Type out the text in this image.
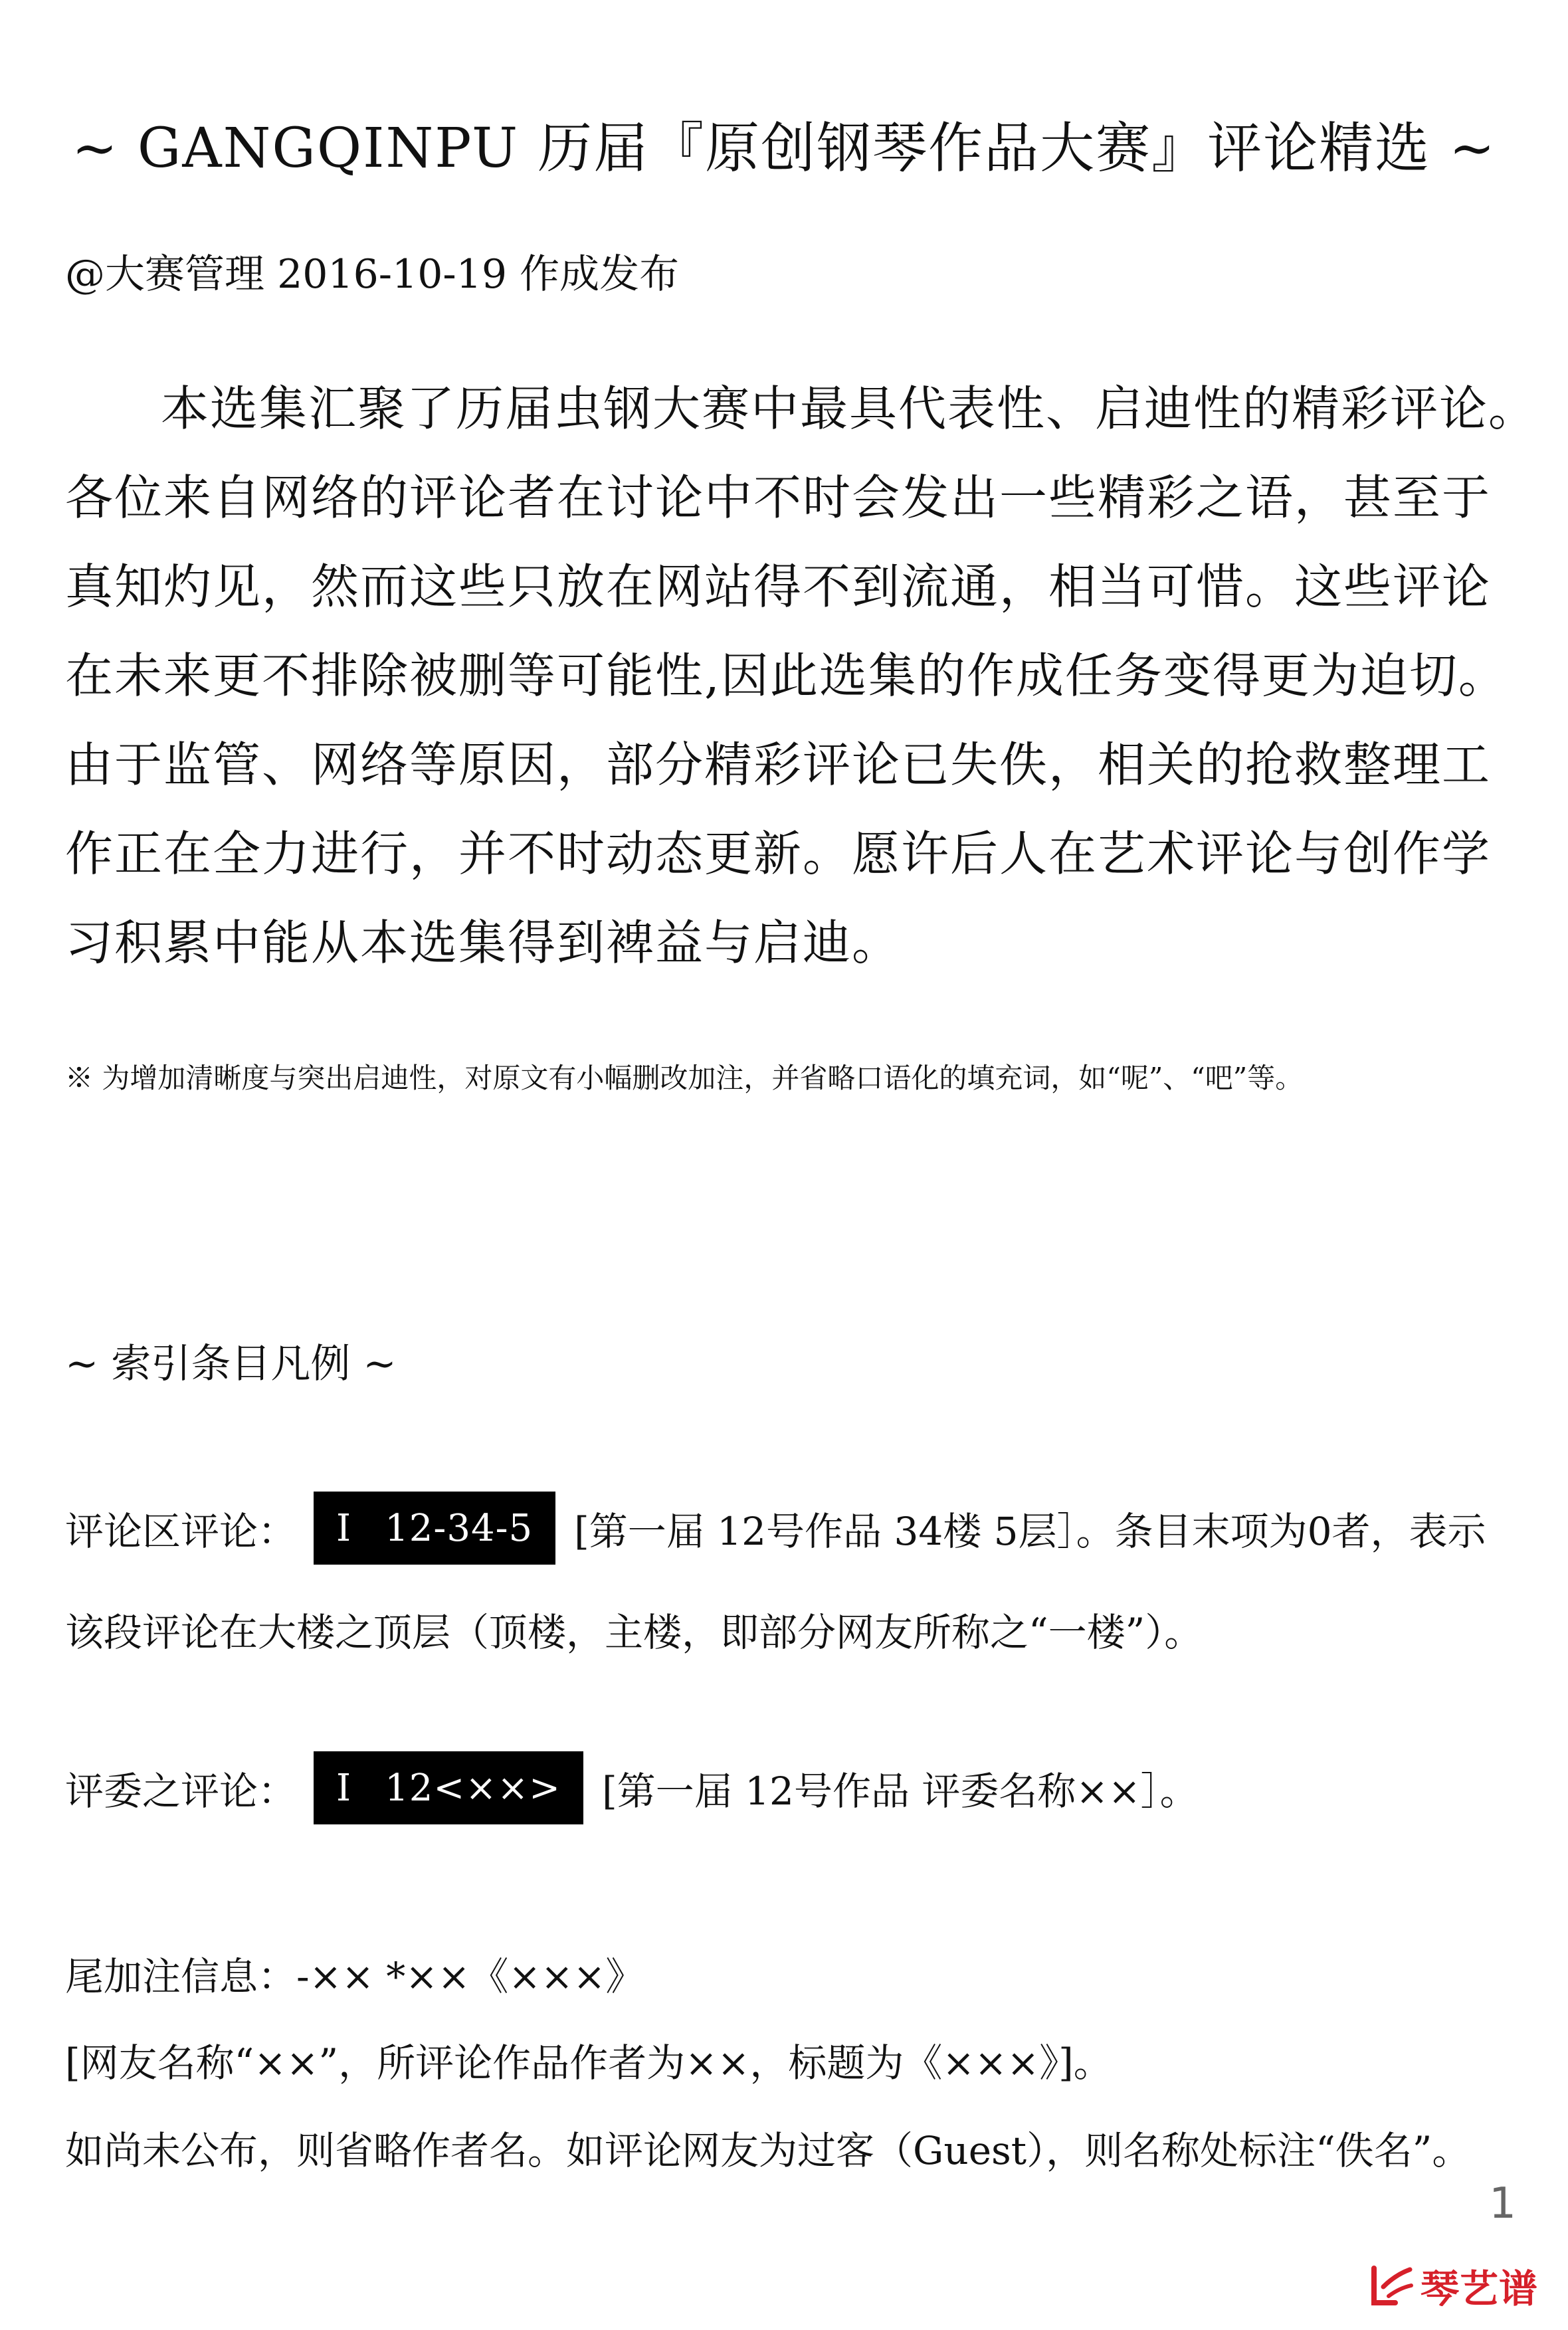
~ GANGQINPU 历届『原创钢琴作品大赛』评论精选 ~
@大赛管理 2016-10-19 作成发布
本选集汇聚了历届虫钢大赛中最具代表性、启迪性的精彩评论。
各位来自网络的评论者在讨论中不时会发出一些精彩之语，甚至于
真知灼见，然而这些只放在网站得不到流通，相当可惜。这些评论
在未来更不排除被删等可能性,因此选集的作成任务变得更为迫切。
由于监管、网络等原因，部分精彩评论已失佚，相关的抢救整理工
作正在全力进行，并不时动态更新。愿许后人在艺术评论与创作学
习积累中能从本选集得到裨益与启迪。
※ 为增加清晰度与突出启迪性，对原文有小幅删改加注，并省略口语化的填充词，如“呢”、“吧”等。
~ 索引条目凡例 ~
评论区评论： I 12-34-5 [第一届 12号作品 34楼 5层］。条目末项为0者，表示
该段评论在大楼之顶层（顶楼，主楼，即部分网友所称之“一楼”）。
评委之评论： I 12<××> [第一届 12号作品 评委名称××］。
尾加注信息：-×× *××《×××》
[网友名称“××”，所评论作品作者为××，标题为《×××》]。
如尚未公布，则省略作者名。如评论网友为过客（Guest），则名称处标注“佚名”。
1
琴艺谱
